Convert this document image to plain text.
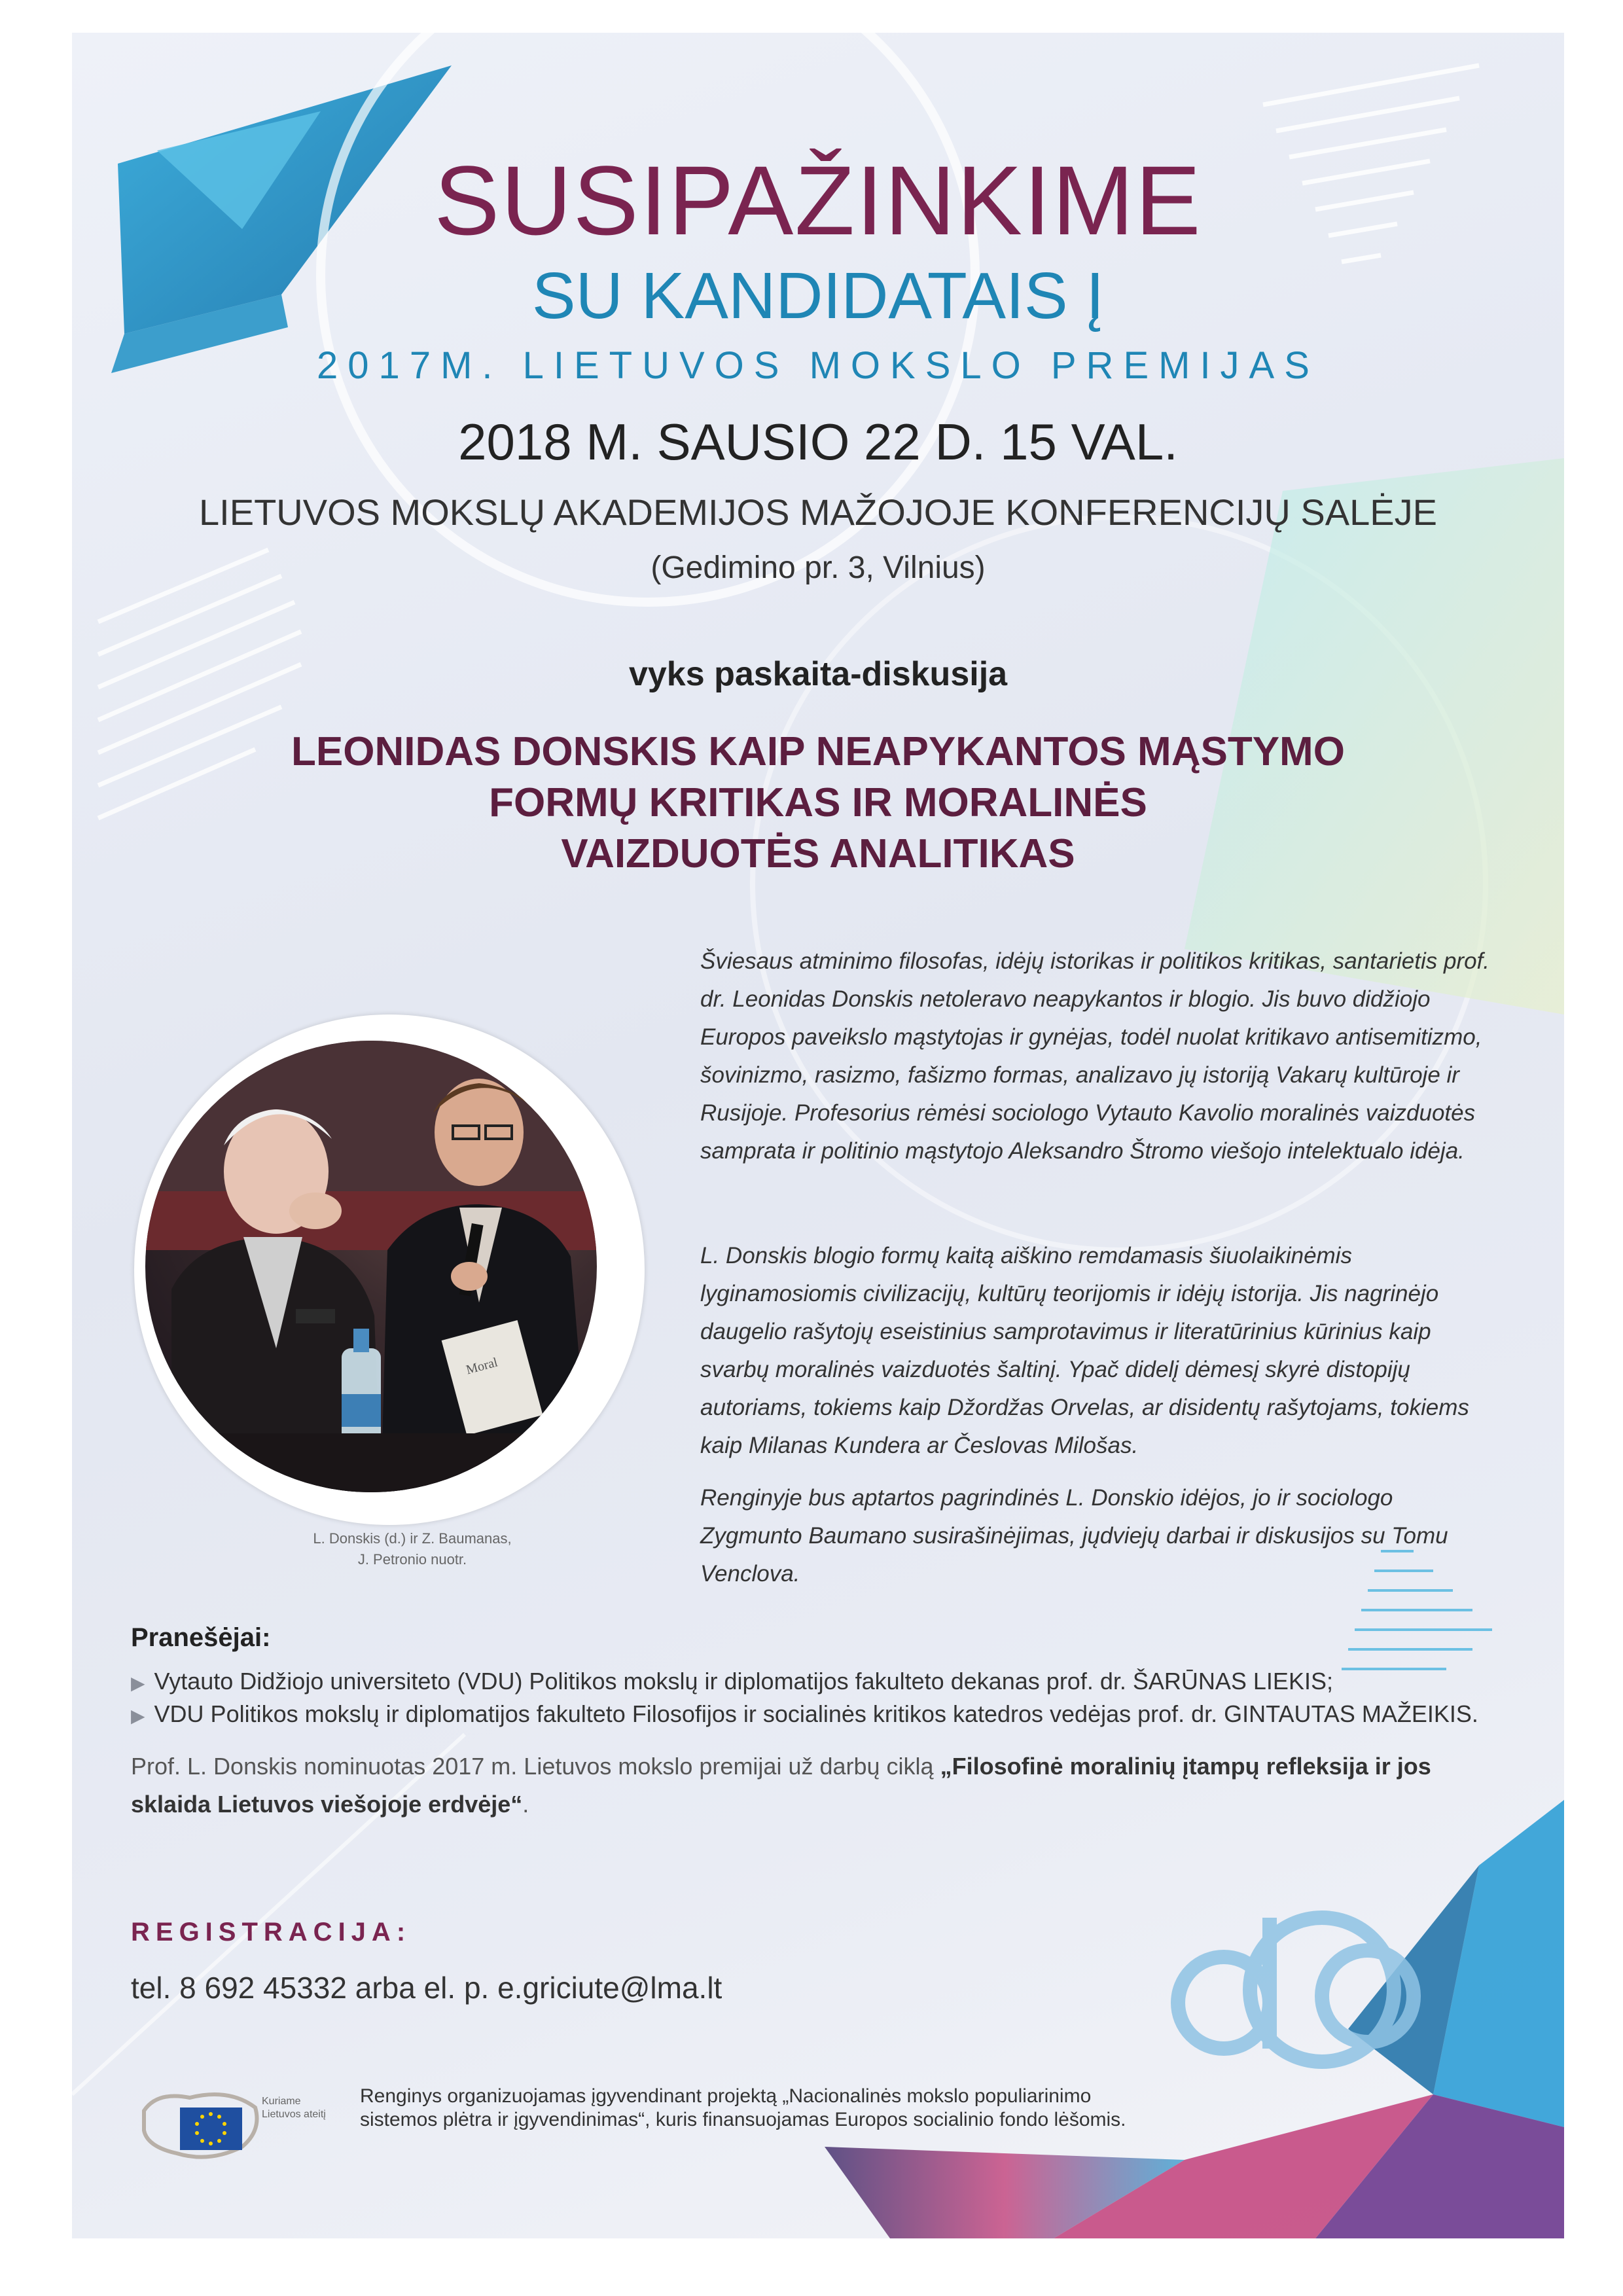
SUSIPAŽINKIME

SU KANDIDATAIS Į

2017M. LIETUVOS MOKSLO PREMIJAS

2018 M. SAUSIO 22 D. 15 VAL.

LIETUVOS MOKSLŲ AKADEMIJOS MAŽOJOJE KONFERENCIJŲ SALĖJE

(Gedimino pr. 3, Vilnius)

vyks paskaita-diskusija

LEONIDAS DONSKIS KAIP NEAPYKANTOS MĄSTYMO
FORMŲ KRITIKAS IR MORALINĖS
VAIZDUOTĖS ANALITIKAS
Moral
L. Donskis (d.) ir Z. Baumanas,
J. Petronio nuotr.

Šviesaus atminimo filosofas, idėjų istorikas ir politikos kritikas, santarietis prof. dr. Leonidas Donskis netoleravo neapykantos ir blogio. Jis buvo didžiojo Europos paveikslo mąstytojas ir gynėjas, todėl nuolat kritikavo antisemitizmo, šovinizmo, rasizmo, fašizmo formas, analizavo jų istoriją Vakarų kultūroje ir Rusijoje. Profesorius rėmėsi sociologo Vytauto Kavolio moralinės vaizduotės samprata ir politinio mąstytojo Aleksandro Štromo viešojo intelektualo idėja.

L. Donskis blogio formų kaitą aiškino remdamasis šiuolaikinėmis lyginamosiomis civilizacijų, kultūrų teorijomis ir idėjų istorija. Jis nagrinėjo daugelio rašytojų eseistinius samprotavimus ir literatūrinius kūrinius kaip svarbų moralinės vaizduotės šaltinį. Ypač didelį dėmesį skyrė distopijų autoriams, tokiems kaip Džordžas Orvelas, ar disidentų rašytojams, tokiems kaip Milanas Kundera ar Česlovas Milošas.

Renginyje bus aptartos pagrindinės L. Donskio idėjos, jo ir sociologo Zygmunto Baumano susirašinėjimas, jųdviejų darbai ir diskusijos su Tomu Venclova.

Pranešėjai:

▶ Vytauto Didžiojo universiteto (VDU) Politikos mokslų ir diplomatijos fakulteto dekanas prof. dr. ŠARŪNAS LIEKIS;

▶ VDU Politikos mokslų ir diplomatijos fakulteto Filosofijos ir socialinės kritikos katedros vedėjas prof. dr. GINTAUTAS MAŽEIKIS.

Prof. L. Donskis nominuotas 2017 m. Lietuvos mokslo premijai už darbų ciklą „Filosofinė moralinių įtampų refleksija ir jos sklaida Lietuvos viešojoje erdvėje“.

REGISTRACIJA:

tel. 8 692 45332 arba el. p. e.griciute@lma.lt

Kuriame
Lietuvos ateitį

Renginys organizuojamas įgyvendinant projektą „Nacionalinės mokslo populiarinimo sistemos plėtra ir įgyvendinimas“, kuris finansuojamas Europos socialinio fondo lėšomis.
